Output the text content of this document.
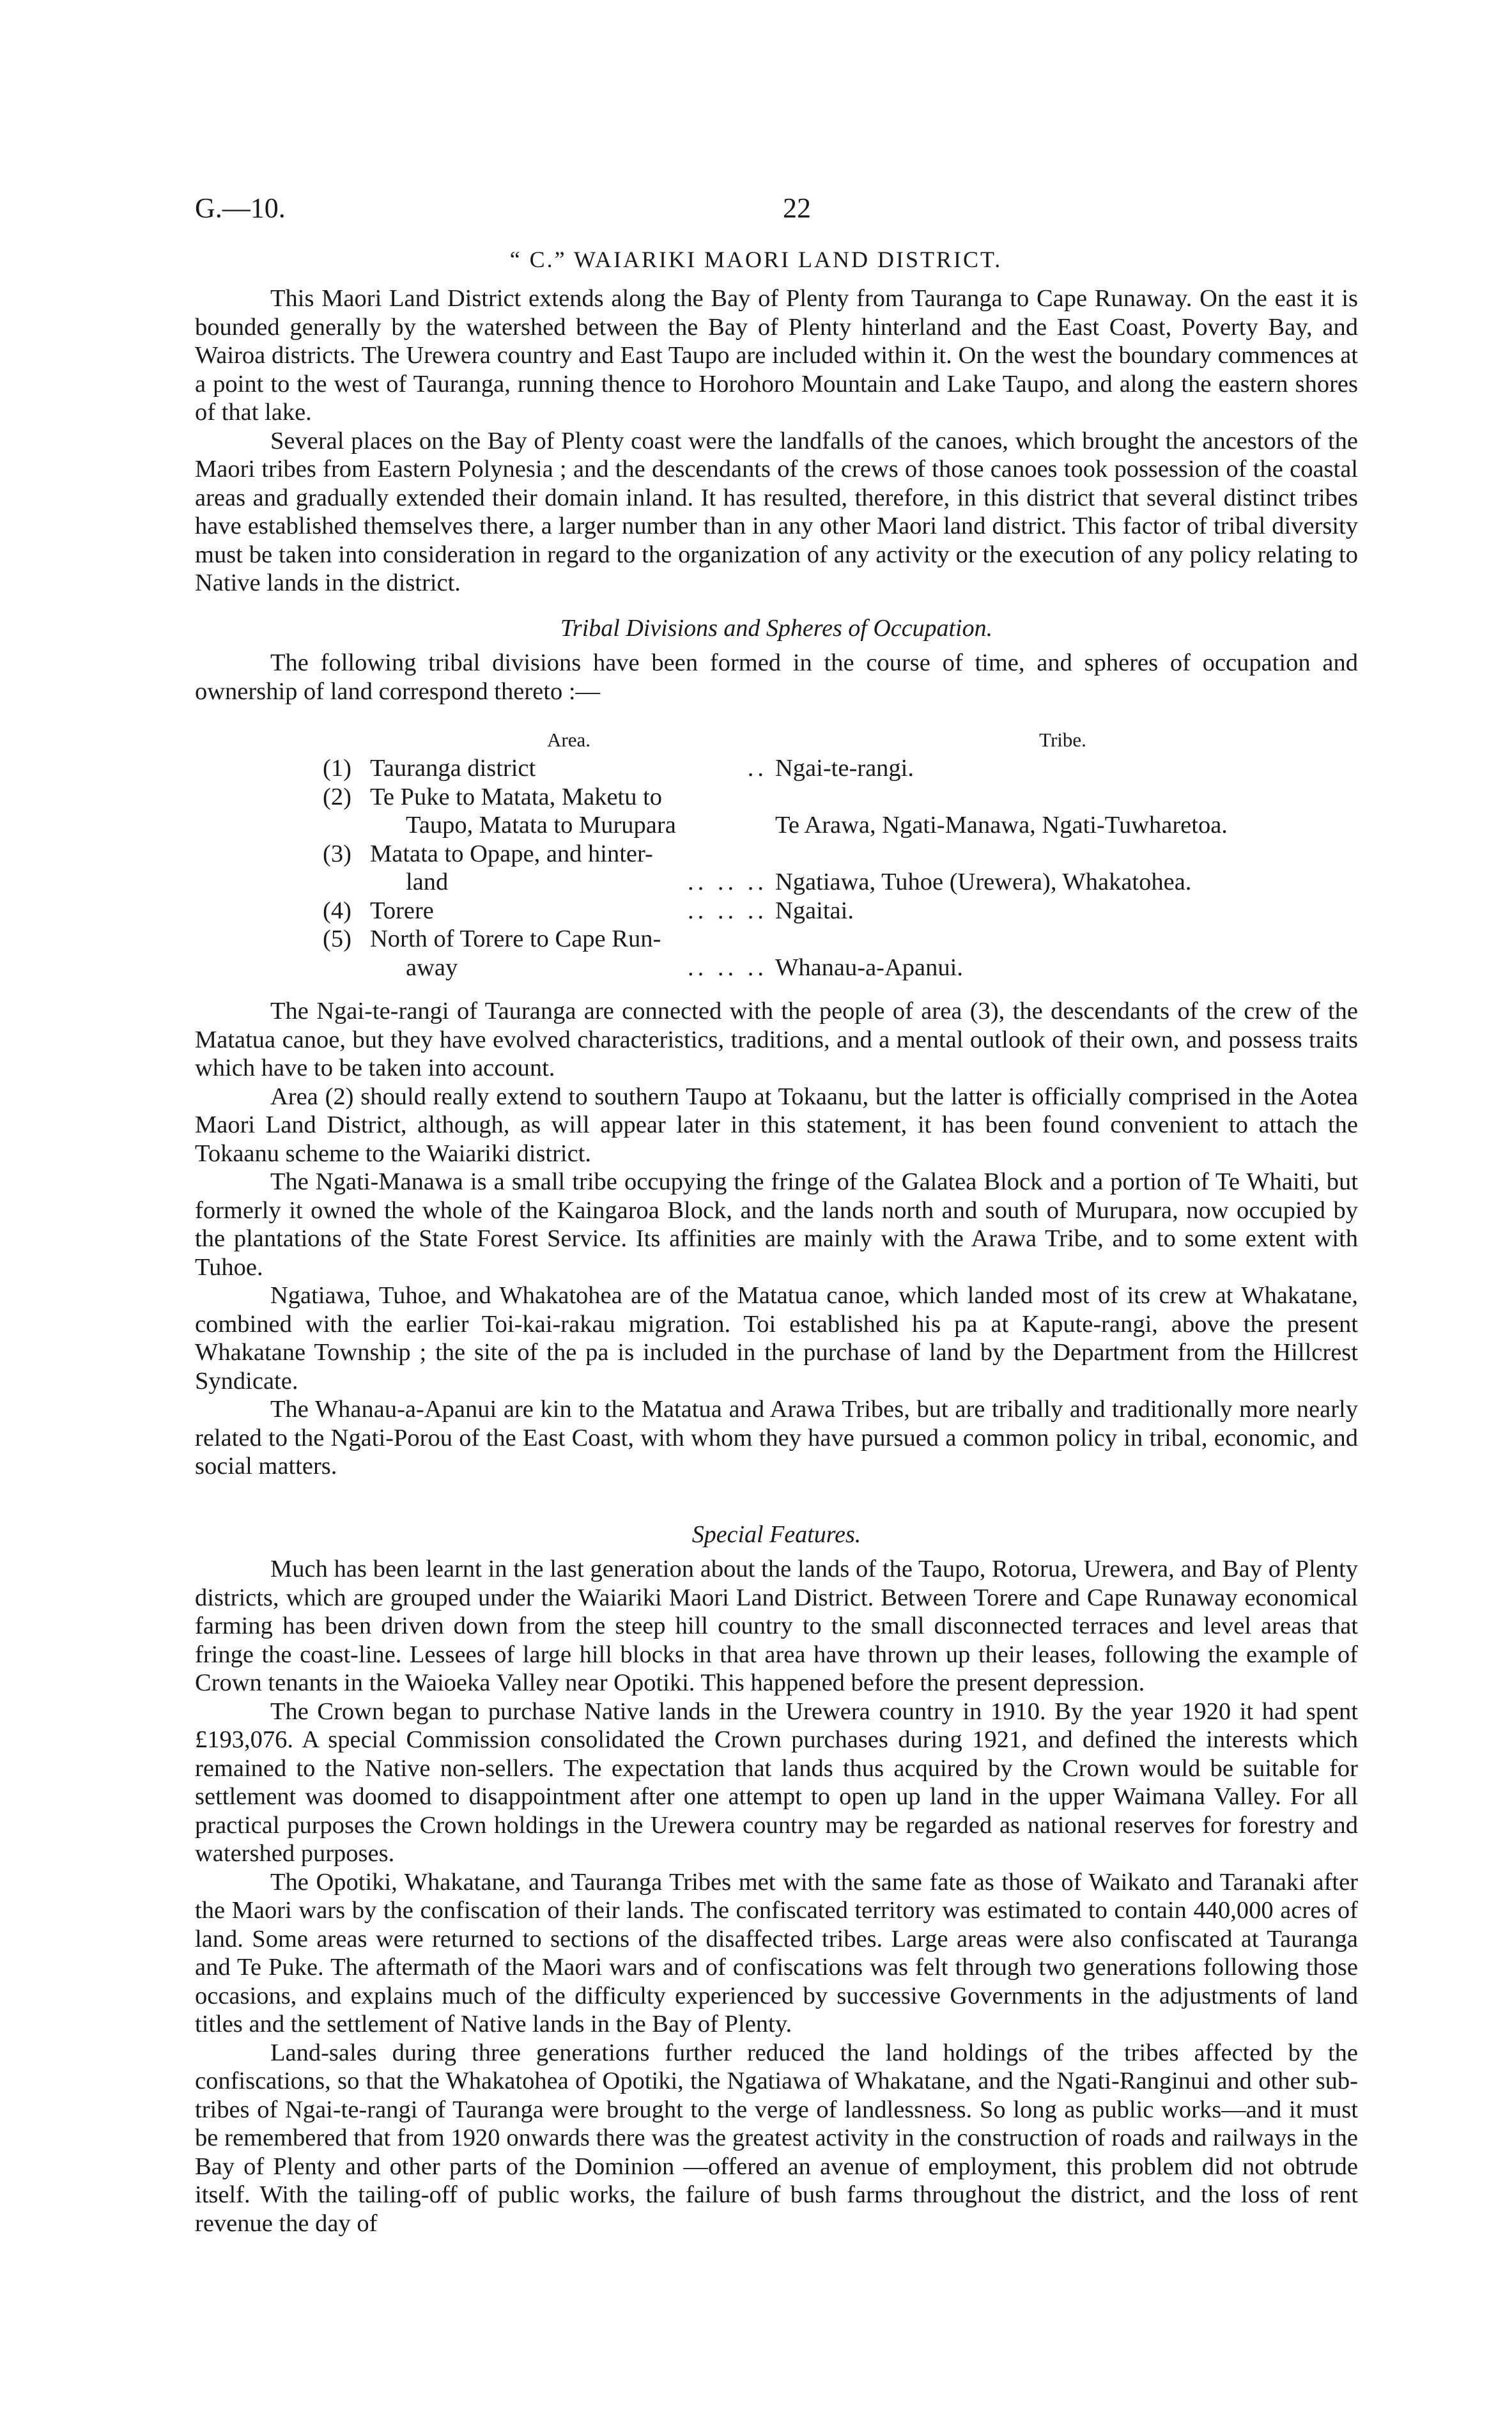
G.—10.	22
“ C.” WAIARIKI MAORI LAND DISTRICT.

This Maori Land District extends along the Bay of Plenty from Tauranga to Cape Runaway. On the east it is bounded generally by the watershed between the Bay of Plenty hinterland and the East Coast, Poverty Bay, and Wairoa districts. The Urewera country and East Taupo are included within it. On the west the boundary commences at a point to the west of Tauranga, running thence to Horohoro Mountain and Lake Taupo, and along the eastern shores of that lake.

Several places on the Bay of Plenty coast were the landfalls of the canoes, which brought the ancestors of the Maori tribes from Eastern Polynesia ; and the descendants of the crews of those canoes took possession of the coastal areas and gradually extended their domain inland. It has resulted, therefore, in this district that several distinct tribes have established themselves there, a larger number than in any other Maori land district. This factor of tribal diversity must be taken into consideration in regard to the organization of any activity or the execution of any policy relating to Native lands in the district.

Tribal Divisions and Spheres of Occupation.

The following tribal divisions have been formed in the course of time, and spheres of occupation and ownership of land correspond thereto :—

	Area.	Tribe.
(1)	Tauranga district ..	Ngai-te-rangi.
(2)	Te Puke to Matata, Maketu to	
	Taupo, Matata to Murupara	Te Arawa, Ngati-Manawa, Ngati-Tuwharetoa.
(3)	Matata to Opape, and hinter-	
	land .. .. ..	Ngatiawa, Tuhoe (Urewera), Whakatohea.
(4)	Torere .. .. ..	Ngaitai.
(5)	North of Torere to Cape Run-	
	away .. .. ..	Whanau-a-Apanui.

The Ngai-te-rangi of Tauranga are connected with the people of area (3), the descendants of the crew of the Matatua canoe, but they have evolved characteristics, traditions, and a mental outlook of their own, and possess traits which have to be taken into account.

Area (2) should really extend to southern Taupo at Tokaanu, but the latter is officially comprised in the Aotea Maori Land District, although, as will appear later in this statement, it has been found convenient to attach the Tokaanu scheme to the Waiariki district.

The Ngati-Manawa is a small tribe occupying the fringe of the Galatea Block and a portion of Te Whaiti, but formerly it owned the whole of the Kaingaroa Block, and the lands north and south of Murupara, now occupied by the plantations of the State Forest Service. Its affinities are mainly with the Arawa Tribe, and to some extent with Tuhoe.

Ngatiawa, Tuhoe, and Whakatohea are of the Matatua canoe, which landed most of its crew at Whakatane, combined with the earlier Toi-kai-rakau migration. Toi established his pa at Kapute-rangi, above the present Whakatane Township ; the site of the pa is included in the purchase of land by the Department from the Hillcrest Syndicate.

The Whanau-a-Apanui are kin to the Matatua and Arawa Tribes, but are tribally and traditionally more nearly related to the Ngati-Porou of the East Coast, with whom they have pursued a common policy in tribal, economic, and social matters.

Special Features.

Much has been learnt in the last generation about the lands of the Taupo, Rotorua, Urewera, and Bay of Plenty districts, which are grouped under the Waiariki Maori Land District. Between Torere and Cape Runaway economical farming has been driven down from the steep hill country to the small disconnected terraces and level areas that fringe the coast-line. Lessees of large hill blocks in that area have thrown up their leases, following the example of Crown tenants in the Waioeka Valley near Opotiki. This happened before the present depression.

The Crown began to purchase Native lands in the Urewera country in 1910. By the year 1920 it had spent £193,076. A special Commission consolidated the Crown purchases during 1921, and defined the interests which remained to the Native non-sellers. The expectation that lands thus acquired by the Crown would be suitable for settlement was doomed to disappointment after one attempt to open up land in the upper Waimana Valley. For all practical purposes the Crown holdings in the Urewera country may be regarded as national reserves for forestry and watershed purposes.

The Opotiki, Whakatane, and Tauranga Tribes met with the same fate as those of Waikato and Taranaki after the Maori wars by the confiscation of their lands. The confiscated territory was estimated to contain 440,000 acres of land. Some areas were returned to sections of the disaffected tribes. Large areas were also confiscated at Tauranga and Te Puke. The aftermath of the Maori wars and of confiscations was felt through two generations following those occasions, and explains much of the difficulty experienced by successive Governments in the adjustments of land titles and the settlement of Native lands in the Bay of Plenty.

Land-sales during three generations further reduced the land holdings of the tribes affected by the confiscations, so that the Whakatohea of Opotiki, the Ngatiawa of Whakatane, and the Ngati-Ranginui and other sub-tribes of Ngai-te-rangi of Tauranga were brought to the verge of landlessness. So long as public works—and it must be remembered that from 1920 onwards there was the greatest activity in the construction of roads and railways in the Bay of Plenty and other parts of the Dominion —offered an avenue of employment, this problem did not obtrude itself. With the tailing-off of public works, the failure of bush farms throughout the district, and the loss of rent revenue the day of
